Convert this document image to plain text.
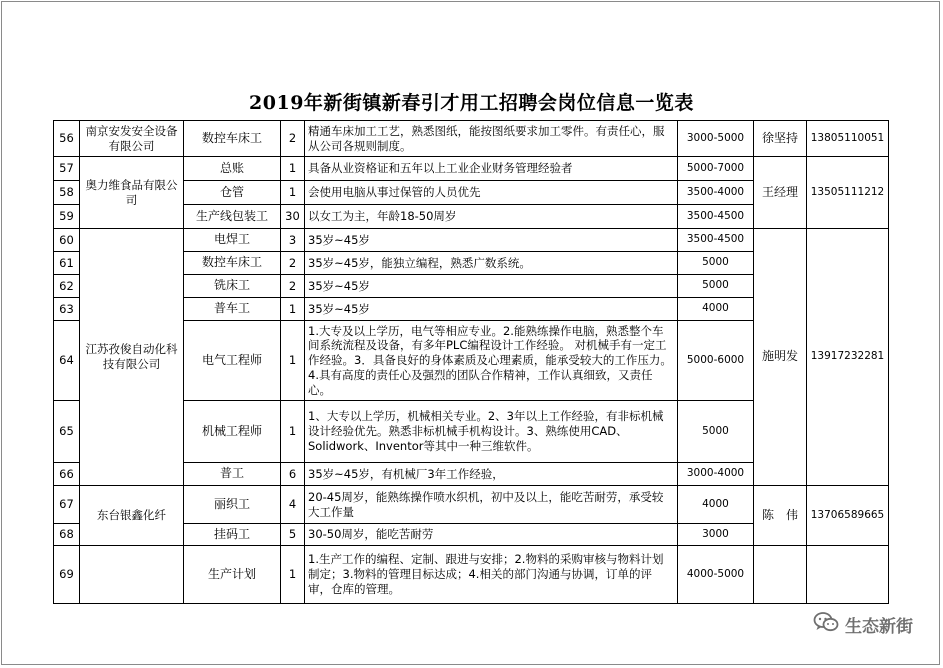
2019年新街镇新春引才用工招聘会岗位信息一览表
56	南京安发安全设备有限公司	数控车床工	2	精通车床加工工艺，熟悉图纸，能按图纸要求加工零件。有责任心，服从公司各规则制度。	3000-5000	徐坚持	13805110051
57	奥力维食品有限公司	总账	1	具备从业资格证和五年以上工业企业财务管理经验者	5000-7000	王经理	13505111212
58		仓管	1	会使用电脑从事过保管的人员优先	3500-4000		
59		生产线包装工	30	以女工为主，年龄18-50周岁	3500-4500		
60	江苏孜俊自动化科技有限公司	电焊工	3	35岁~45岁	3500-4500	施明发	13917232281
61		数控车床工	2	35岁~45岁，能独立编程，熟悉广数系统。	5000		
62		铣床工	2	35岁~45岁	5000		
63		普车工	1	35岁~45岁	4000		
64		电气工程师	1	1.大专及以上学历，电气等相应专业。2.能熟练操作电脑，熟悉整个车间系统流程及设备，有多年PLC编程设计工作经验。 对机械手有一定工作经验。3．具备良好的身体素质及心理素质，能承受较大的工作压力。4.具有高度的责任心及强烈的团队合作精神，工作认真细致，又责任心。	5000-6000		
65		机械工程师	1	1、大专以上学历，机械相关专业。2、3年以上工作经验，有非标机械设计经验优先。熟悉非标机械手机构设计。3、熟练使用CAD、Solidwork、Inventor等其中一种三维软件。	5000		
66		普工	6	35岁~45岁，有机械厂3年工作经验，	3000-4000		
67	东台银鑫化纤	丽织工	4	20-45周岁，能熟练操作喷水织机，初中及以上，能吃苦耐劳，承受较大工作量	4000	陈　伟	13706589665
68		挂码工	5	30-50周岁，能吃苦耐劳	3000		
69		生产计划	1	1.生产工作的编程、定制、跟进与安排；2.物料的采购审核与物料计划制定；3.物料的管理目标达成；4.相关的部门沟通与协调，订单的评审，仓库的管理。	4000-5000		
生态新街
